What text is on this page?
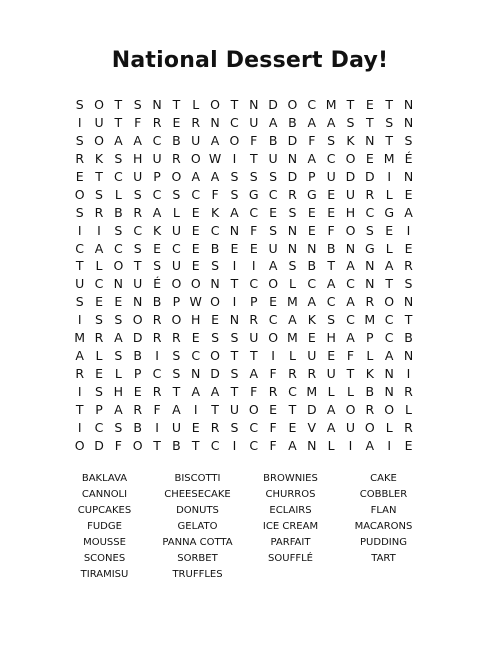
National Dessert Day!
S O T S N T L O T N D O C M T E T N
I	U T F R E R N C U A B A A S T S N
S O A A C B U A O F B D F S K N T S
R K S H U R O W I	T U N A C O E M É
E T C U P O A A S S S D P U D D	I	N
O S L S C S C F S G C R G E U R L E
S R B R A L E K A C E S E E H C G A
I	I	S C K U E C N F S N E F O S E	I
C A C S E C E B E E U N N B N G L E
T L O T S U E S	I	I	A S B T A N A R
U C N U É O O N T C O L C A C N T S
S E E N B P W O	I	P E M A C A R O N
I	S S O R O H E N R C A K S C M C T
M R A D R R E S S U O M E H A P C B
A L S B	I	S C O T T	I	L U E F L A N
R E L P C S N D S A F R R U T K N	I
I	S H E R T A A T F R C M L L B N R
T P A R F A	I	T U O E T D A O R O L
I	C S B	I	U E R S C F E V A U O L R
O D F O T B T C	I	C F A N L	I	A	I	E
BAKLAVA	BISCOTTI	BROWNIES	CAKE
CANNOLI	CHEESECAKE	CHURROS	COBBLER
CUPCAKES	DONUTS	ECLAIRS	FLAN
FUDGE	GELATO	ICE CREAM	MACARONS
MOUSSE	PANNA COTTA	PARFAIT	PUDDING
SCONES	SORBET	SOUFFLÉ	TART
TIRAMISU	TRUFFLES
